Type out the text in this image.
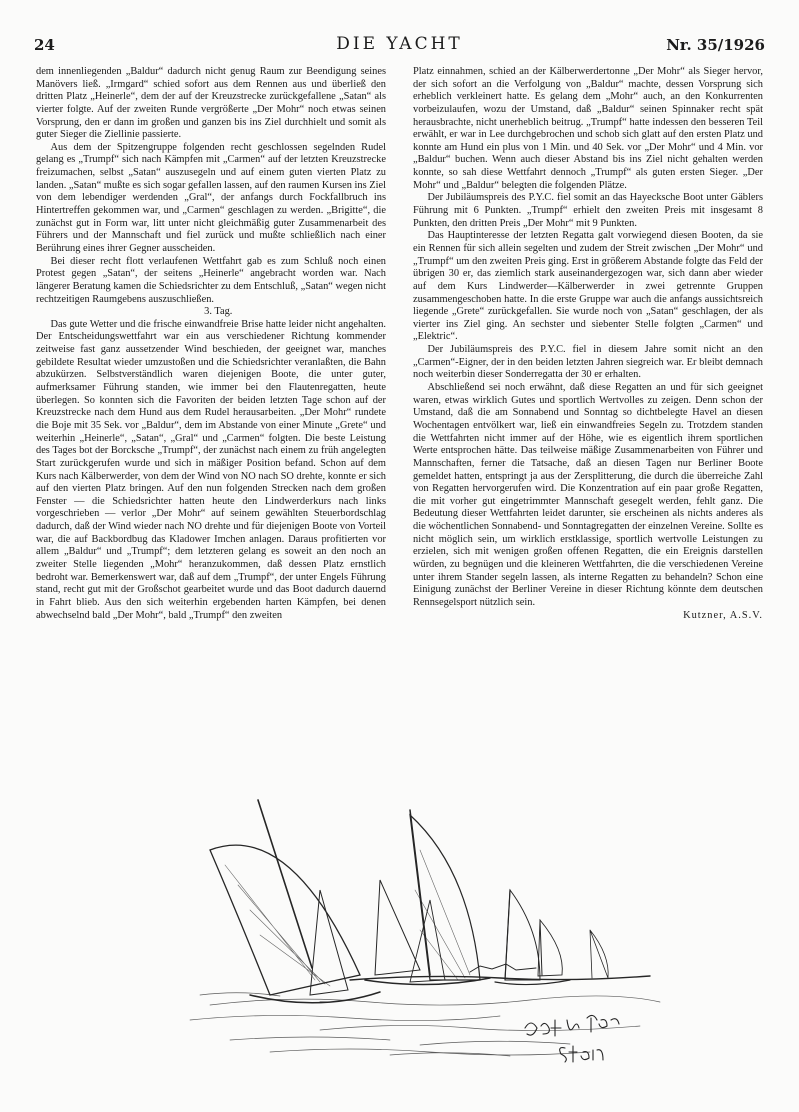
24	DIE YACHT	Nr. 35/1926

dem innenliegenden „Baldur“ dadurch nicht genug Raum zur Beendigung seines Manövers ließ. „Irmgard“ schied sofort aus dem Rennen aus und überließ den dritten Platz „Heinerle“, dem der auf der Kreuzstrecke zurückgefallene „Satan“ als vierter folgte. Auf der zweiten Runde vergrößerte „Der Mohr“ noch etwas seinen Vorsprung, den er dann im großen und ganzen bis ins Ziel durchhielt und somit als guter Sieger die Ziellinie passierte.

Aus dem der Spitzengruppe folgenden recht geschlossen segelnden Rudel gelang es „Trumpf“ sich nach Kämpfen mit „Carmen“ auf der letzten Kreuzstrecke freizumachen, selbst „Satan“ auszusegeln und auf einem guten vierten Platz zu landen. „Satan“ mußte es sich sogar gefallen lassen, auf den raumen Kursen ins Ziel von dem lebendiger werdenden „Gral“, der anfangs durch Fockfallbruch ins Hintertreffen gekommen war, und „Carmen“ geschlagen zu werden. „Brigitte“, die zunächst gut in Form war, litt unter nicht gleichmäßig guter Zusammenarbeit des Führers und der Mannschaft und fiel zurück und mußte schließlich nach einer Berührung eines ihrer Gegner ausscheiden.

Bei dieser recht flott verlaufenen Wettfahrt gab es zum Schluß noch einen Protest gegen „Satan“, der seitens „Heinerle“ angebracht worden war. Nach längerer Beratung kamen die Schiedsrichter zu dem Entschluß, „Satan“ wegen nicht rechtzeitigen Raumgebens auszuschließen.

3. Tag.

Das gute Wetter und die frische einwandfreie Brise hatte leider nicht angehalten. Der Entscheidungswettfahrt war ein aus verschiedener Richtung kommender zeitweise fast ganz aussetzender Wind beschieden, der geeignet war, manches gebildete Resultat wieder umzustoßen und die Schiedsrichter veranlaßten, die Bahn abzukürzen. Selbstverständlich waren diejenigen Boote, die unter guter, aufmerksamer Führung standen, wie immer bei den Flautenregatten, heute überlegen. So konnten sich die Favoriten der beiden letzten Tage schon auf der Kreuzstrecke nach dem Hund aus dem Rudel herausarbeiten. „Der Mohr“ rundete die Boje mit 35 Sek. vor „Baldur“, dem im Abstande von einer Minute „Grete“ und weiterhin „Heinerle“, „Satan“, „Gral“ und „Carmen“ folgten. Die beste Leistung des Tages bot der Borcksche „Trumpf“, der zunächst nach einem zu früh angelegten Start zurückgerufen wurde und sich in mäßiger Position befand. Schon auf dem Kurs nach Kälberwerder, von dem der Wind von NO nach SO drehte, konnte er sich auf den vierten Platz bringen. Auf den nun folgenden Strecken nach dem großen Fenster — die Schiedsrichter hatten heute den Lindwerderkurs nach links vorgeschrieben — verlor „Der Mohr“ auf seinem gewählten Steuerbordschlag dadurch, daß der Wind wieder nach NO drehte und für diejenigen Boote von Vorteil war, die auf Backbordbug das Kladower Imchen anlagen. Daraus profitierten vor allem „Baldur“ und „Trumpf“; dem letzteren gelang es soweit an den noch an zweiter Stelle liegenden „Mohr“ heranzukommen, daß dessen Platz ernstlich bedroht war. Bemerkenswert war, daß auf dem „Trumpf“, der unter Engels Führung stand, recht gut mit der Großschot gearbeitet wurde und das Boot dadurch dauernd in Fahrt blieb. Aus den sich weiterhin ergebenden harten Kämpfen, bei denen abwechselnd bald „Der Mohr“, bald „Trumpf“ den zweiten

Platz einnahmen, schied an der Kälberwerdertonne „Der Mohr“ als Sieger hervor, der sich sofort an die Verfolgung von „Baldur“ machte, dessen Vorsprung sich erheblich verkleinert hatte. Es gelang dem „Mohr“ auch, an den Konkurrenten vorbeizulaufen, wozu der Umstand, daß „Baldur“ seinen Spinnaker recht spät herausbrachte, nicht unerheblich beitrug. „Trumpf“ hatte indessen den besseren Teil erwählt, er war in Lee durchgebrochen und schob sich glatt auf den ersten Platz und konnte am Hund ein plus von 1 Min. und 40 Sek. vor „Der Mohr“ und 4 Min. vor „Baldur“ buchen. Wenn auch dieser Abstand bis ins Ziel nicht gehalten werden konnte, so sah diese Wettfahrt dennoch „Trumpf“ als guten ersten Sieger. „Der Mohr“ und „Baldur“ belegten die folgenden Plätze.

Der Jubiläumspreis des P.Y.C. fiel somit an das Hayecksche Boot unter Gäblers Führung mit 6 Punkten. „Trumpf“ erhielt den zweiten Preis mit insgesamt 8 Punkten, den dritten Preis „Der Mohr“ mit 9 Punkten.

Das Hauptinteresse der letzten Regatta galt vorwiegend diesen Booten, da sie ein Rennen für sich allein segelten und zudem der Streit zwischen „Der Mohr“ und „Trumpf“ um den zweiten Preis ging. Erst in größerem Abstande folgte das Feld der übrigen 30 er, das ziemlich stark auseinandergezogen war, sich dann aber wieder auf dem Kurs Lindwerder—Kälberwerder in zwei getrennte Gruppen zusammengeschoben hatte. In die erste Gruppe war auch die anfangs aussichtsreich liegende „Grete“ zurückgefallen. Sie wurde noch von „Satan“ geschlagen, der als vierter ins Ziel ging. An sechster und siebenter Stelle folgten „Carmen“ und „Elektric“.

Der Jubiläumspreis des P.Y.C. fiel in diesem Jahre somit nicht an den „Carmen“-Eigner, der in den beiden letzten Jahren siegreich war. Er bleibt demnach noch weiterbin dieser Sonderregatta der 30 er erhalten.

Abschließend sei noch erwähnt, daß diese Regatten an und für sich geeignet waren, etwas wirklich Gutes und sportlich Wertvolles zu zeigen. Denn schon der Umstand, daß die am Sonnabend und Sonntag so dichtbelegte Havel an diesen Wochentagen entvölkert war, ließ ein einwandfreies Segeln zu. Trotzdem standen die Wettfahrten nicht immer auf der Höhe, wie es eigentlich ihrem sportlichen Werte entsprochen hätte. Das teilweise mäßige Zusammenarbeiten von Führer und Mannschaften, ferner die Tatsache, daß an diesen Tagen nur Berliner Boote gemeldet hatten, entspringt ja aus der Zersplitterung, die durch die überreiche Zahl von Regatten hervorgerufen wird. Die Konzentration auf ein paar große Regatten, die mit vorher gut eingetrimmter Mannschaft gesegelt werden, fehlt ganz. Die Bedeutung dieser Wettfahrten leidet darunter, sie erscheinen als nichts anderes als die wöchentlichen Sonnabend- und Sonntagregatten der einzelnen Vereine. Sollte es nicht möglich sein, um wirklich erstklassige, sportlich wertvolle Leistungen zu erzielen, sich mit wenigen großen offenen Regatten, die ein Ereignis darstellen würden, zu begnügen und die kleineren Wettfahrten, die die verschiedenen Vereine unter ihrem Stander segeln lassen, als interne Regatten zu behandeln? Schon eine Einigung zunächst der Berliner Vereine in dieser Richtung könnte dem deutschen Rennsegelsport nützlich sein.

Kutzner, A.S.V.
